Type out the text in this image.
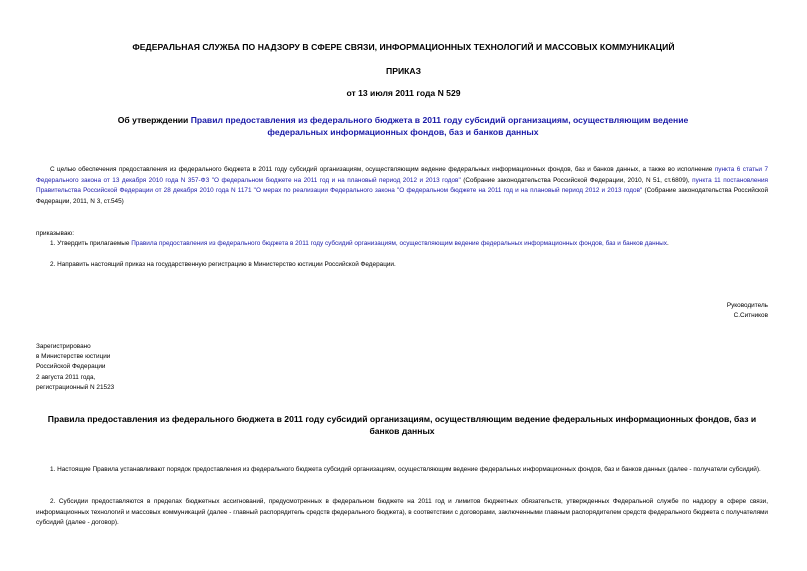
ФЕДЕРАЛЬНАЯ СЛУЖБА ПО НАДЗОРУ В СФЕРЕ СВЯЗИ, ИНФОРМАЦИОННЫХ ТЕХНОЛОГИЙ И МАССОВЫХ КОММУНИКАЦИЙ
ПРИКАЗ
от 13 июля 2011 года N 529
Об утверждении Правил предоставления из федерального бюджета в 2011 году субсидий организациям, осуществляющим ведение федеральных информационных фондов, баз и банков данных
С целью обеспечения предоставления из федерального бюджета в 2011 году субсидий организациям, осуществляющим ведение федеральных информационных фондов, баз и банков данных, а также во исполнение пункта 6 статьи 7 Федерального закона от 13 декабря 2010 года N 357-ФЗ "О федеральном бюджете на 2011 год и на плановый период 2012 и 2013 годов" (Собрание законодательства Российской Федерации, 2010, N 51, ст.6809), пункта 11 постановления Правительства Российской Федерации от 28 декабря 2010 года N 1171 "О мерах по реализации Федерального закона "О федеральном бюджете на 2011 год и на плановый период 2012 и 2013 годов" (Собрание законодательства Российской Федерации, 2011, N 3, ст.545)
приказываю:
1. Утвердить прилагаемые Правила предоставления из федерального бюджета в 2011 году субсидий организациям, осуществляющим ведение федеральных информационных фондов, баз и банков данных.
2. Направить настоящий приказ на государственную регистрацию в Министерство юстиции Российской Федерации.
Руководитель
С.Ситников
Зарегистрировано
в Министерстве юстиции
Российской Федерации
2 августа 2011 года,
регистрационный N 21523
Правила предоставления из федерального бюджета в 2011 году субсидий организациям, осуществляющим ведение федеральных информационных фондов, баз и банков данных
1. Настоящие Правила устанавливают порядок предоставления из федерального бюджета субсидий организациям, осуществляющим ведение федеральных информационных фондов, баз и банков данных (далее - получатели субсидий).
2. Субсидии предоставляются в пределах бюджетных ассигнований, предусмотренных в федеральном бюджете на 2011 год и лимитов бюджетных обязательств, утвержденных Федеральной службе по надзору в сфере связи, информационных технологий и массовых коммуникаций (далее - главный распорядитель средств федерального бюджета), в соответствии с договорами, заключенными главным распорядителем средств федерального бюджета с получателями субсидий (далее - договор).
